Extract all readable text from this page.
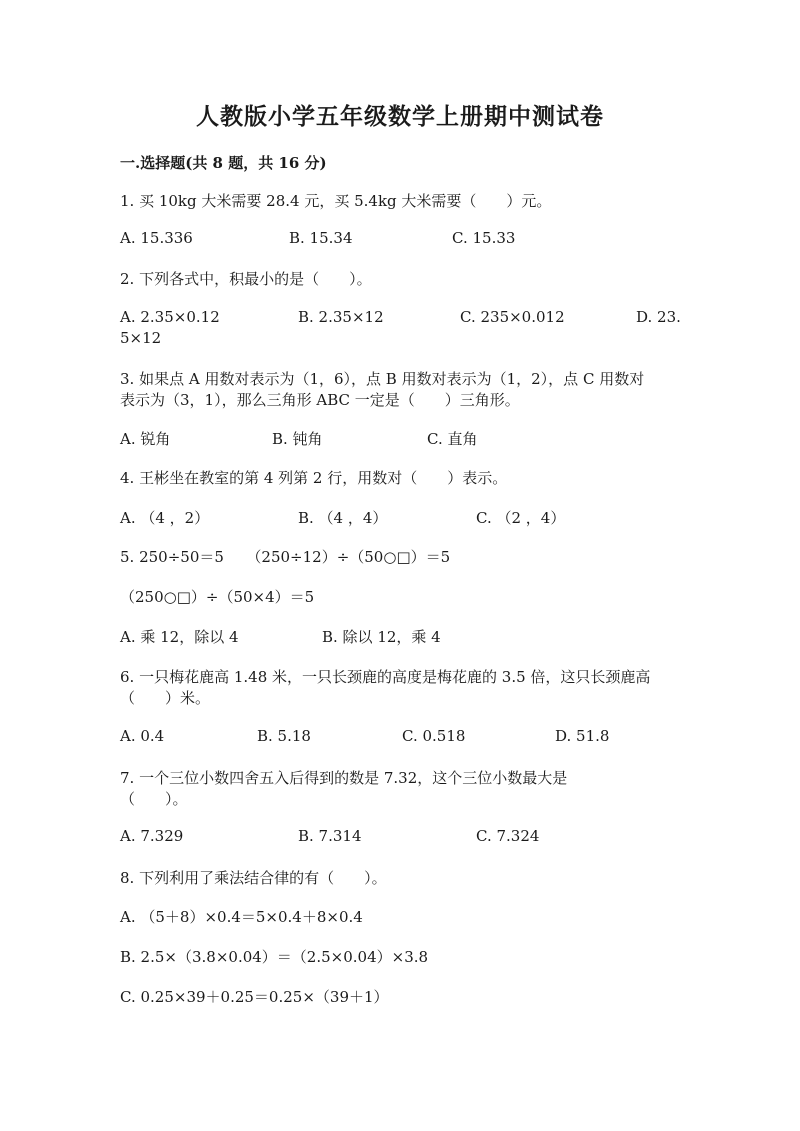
人教版小学五年级数学上册期中测试卷
一.选择题(共 8 题，共 16 分)
1. 买 10kg 大米需要 28.4 元，买 5.4kg 大米需要（　　）元。
A. 15.336	B. 15.34	C. 15.33
2. 下列各式中，积最小的是（　　）。
A. 2.35×0.12	B. 2.35×12	C. 235×0.012	D. 23.
5×12
3. 如果点 A 用数对表示为（1，6），点 B 用数对表示为（1，2），点 C 用数对
表示为（3，1），那么三角形 ABC 一定是（　　）三角形。
A. 锐角	B. 钝角	C. 直角
4. 王彬坐在教室的第 4 列第 2 行，用数对（　　）表示。
A. （4 ，2）	B. （4 ，4）	C. （2 ，4）
5. 250÷50＝5　　（250÷12）÷（50○□）＝5
（250○□）÷（50×4）＝5
A. 乘 12，除以 4	B. 除以 12，乘 4
6. 一只梅花鹿高 1.48 米，一只长颈鹿的高度是梅花鹿的 3.5 倍，这只长颈鹿高
（　　）米。
A. 0.4	B. 5.18	C. 0.518	D. 51.8
7. 一个三位小数四舍五入后得到的数是 7.32，这个三位小数最大是
（　　）。
A. 7.329	B. 7.314	C. 7.324
8. 下列利用了乘法结合律的有（　　）。
A. （5＋8）×0.4＝5×0.4＋8×0.4
B. 2.5×（3.8×0.04）＝（2.5×0.04）×3.8
C. 0.25×39＋0.25＝0.25×（39＋1）
